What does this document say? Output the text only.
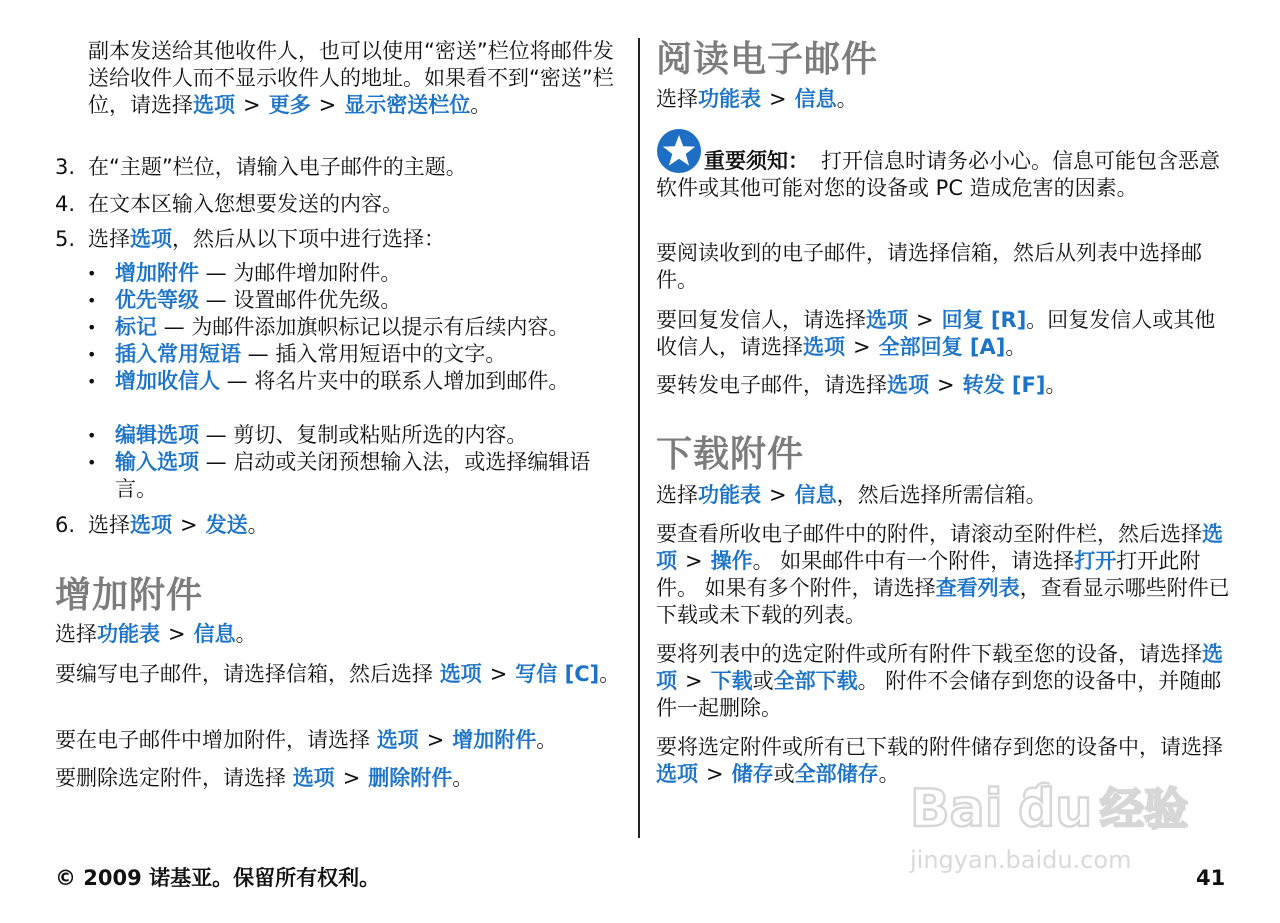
副本发送给其他收件人，也可以使用“密送”栏位将邮件发送给收件人而不显示收件人的地址。如果看不到“密送”栏位，请选择选项 > 更多 > 显示密送栏位。
3. 在“主题”栏位，请输入电子邮件的主题。
4. 在文本区输入您想要发送的内容。
5. 选择选项，然后从以下项中进行选择：
• 增加附件 — 为邮件增加附件。
• 优先等级 — 设置邮件优先级。
• 标记 — 为邮件添加旗帜标记以提示有后续内容。
• 插入常用短语 — 插入常用短语中的文字。
• 增加收信人 — 将名片夹中的联系人增加到邮件。
• 编辑选项 — 剪切、复制或粘贴所选的内容。
• 输入选项 — 启动或关闭预想输入法，或选择编辑语言。
6. 选择选项 > 发送。
增加附件
选择功能表 > 信息。
要编写电子邮件，请选择信箱，然后选择 选项 > 写信 [C]。
要在电子邮件中增加附件，请选择 选项 > 增加附件。
要删除选定附件，请选择 选项 > 删除附件。
阅读电子邮件
选择功能表 > 信息。
重要须知： 打开信息时请务必小心。信息可能包含恶意软件或其他可能对您的设备或 PC 造成危害的因素。
要阅读收到的电子邮件，请选择信箱，然后从列表中选择邮件。
要回复发信人，请选择选项 > 回复 [R]。回复发信人或其他收信人，请选择选项 > 全部回复 [A]。
要转发电子邮件，请选择选项 > 转发 [F]。
下载附件
选择功能表 > 信息，然后选择所需信箱。
要查看所收电子邮件中的附件，请滚动至附件栏，然后选择选项 > 操作。 如果邮件中有一个附件，请选择打开打开此附件。 如果有多个附件，请选择查看列表，查看显示哪些附件已下载或未下载的列表。
要将列表中的选定附件或所有附件下载至您的设备，请选择选项 > 下载或全部下载。 附件不会储存到您的设备中，并随邮件一起删除。
要将选定附件或所有已下载的附件储存到您的设备中，请选择选项 > 储存或全部储存。
Bai du 经验
jingyan.baidu.com
© 2009 诺基亚。保留所有权利。	41
